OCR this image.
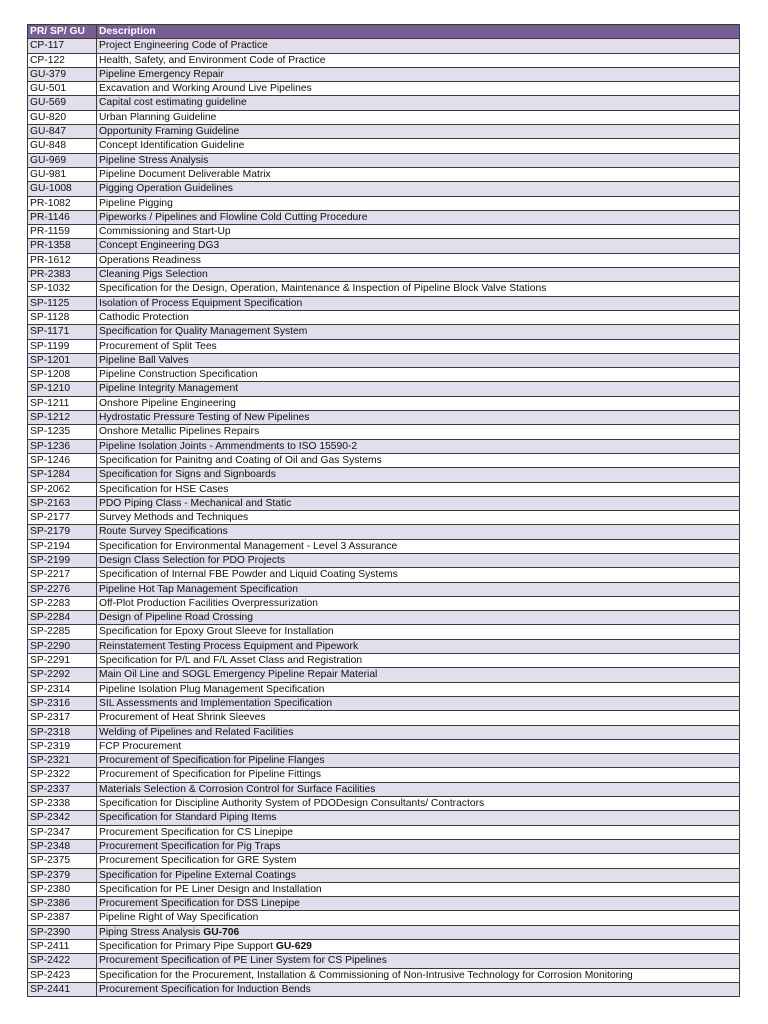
PR/ SP/ GU	Description
CP-117	Project Engineering Code of Practice
CP-122	Health, Safety, and Environment Code of Practice
GU-379	Pipeline Emergency Repair
GU-501	Excavation and Working Around Live Pipelines
GU-569	Capital cost estimating guideline
GU-820	Urban Planning Guideline
GU-847	Opportunity Framing Guideline
GU-848	Concept Identification Guideline
GU-969	Pipeline Stress Analysis
GU-981	Pipeline Document Deliverable Matrix
GU-1008	Pigging Operation Guidelines
PR-1082	Pipeline Pigging
PR-1146	Pipeworks / Pipelines and Flowline Cold Cutting Procedure
PR-1159	Commissioning and Start-Up
PR-1358	Concept Engineering DG3
PR-1612	Operations Readiness
PR-2383	Cleaning Pigs Selection
SP-1032	Specification for the Design, Operation, Maintenance & Inspection of Pipeline Block Valve Stations
SP-1125	Isolation of Process Equipment Specification
SP-1128	Cathodic Protection
SP-1171	Specification for Quality Management System
SP-1199	Procurement of Split Tees
SP-1201	Pipeline Ball Valves
SP-1208	Pipeline Construction Specification
SP-1210	Pipeline Integrity Management
SP-1211	Onshore Pipeline Engineering
SP-1212	Hydrostatic Pressure Testing of New Pipelines
SP-1235	Onshore Metallic Pipelines Repairs
SP-1236	Pipeline Isolation Joints - Ammendments to ISO 15590-2
SP-1246	Specification for Painitng and Coating of Oil and Gas Systems
SP-1284	Specification for Signs and Signboards
SP-2062	Specification for HSE Cases
SP-2163	PDO Piping Class - Mechanical and Static
SP-2177	Survey Methods and Techniques
SP-2179	Route Survey Specifications
SP-2194	Specification for Environmental Management - Level 3 Assurance
SP-2199	Design Class Selection for PDO Projects
SP-2217	Specification of Internal FBE Powder and Liquid Coating Systems
SP-2276	Pipeline Hot Tap Management Specification
SP-2283	Off-Plot Production Facilities Overpressurization
SP-2284	Design of Pipeline Road Crossing
SP-2285	Specification for Epoxy Grout Sleeve for Installation
SP-2290	Reinstatement Testing Process Equipment and Pipework
SP-2291	Specification for P/L and F/L Asset Class and Registration
SP-2292	Main Oil Line and SOGL Emergency Pipeline Repair Material
SP-2314	Pipeline Isolation Plug Management Specification
SP-2316	SIL Assessments and Implementation Specification
SP-2317	Procurement of Heat Shrink Sleeves
SP-2318	Welding of Pipelines and Related Facilities
SP-2319	FCP Procurement
SP-2321	Procurement of Specification for Pipeline Flanges
SP-2322	Procurement of Specification for Pipeline Fittings
SP-2337	Materials Selection & Corrosion Control for Surface Facilities
SP-2338	Specification for Discipline Authority System of PDODesign Consultants/ Contractors
SP-2342	Specification for Standard Piping Items
SP-2347	Procurement Specification for CS Linepipe
SP-2348	Procurement Specification for Pig Traps
SP-2375	Procurement Specification for GRE System
SP-2379	Specification for Pipeline External Coatings
SP-2380	Specification for PE Liner Design and Installation
SP-2386	Procurement Specification for DSS Linepipe
SP-2387	Pipeline Right of Way Specification
SP-2390	Piping Stress Analysis GU-706
SP-2411	Specification for Primary Pipe Support GU-629
SP-2422	Procurement Specification of PE Liner System for CS Pipelines
SP-2423	Specification for the Procurement, Installation & Commissioning of Non-Intrusive Technology for Corrosion Monitoring
SP-2441	Procurement Specification for Induction Bends
